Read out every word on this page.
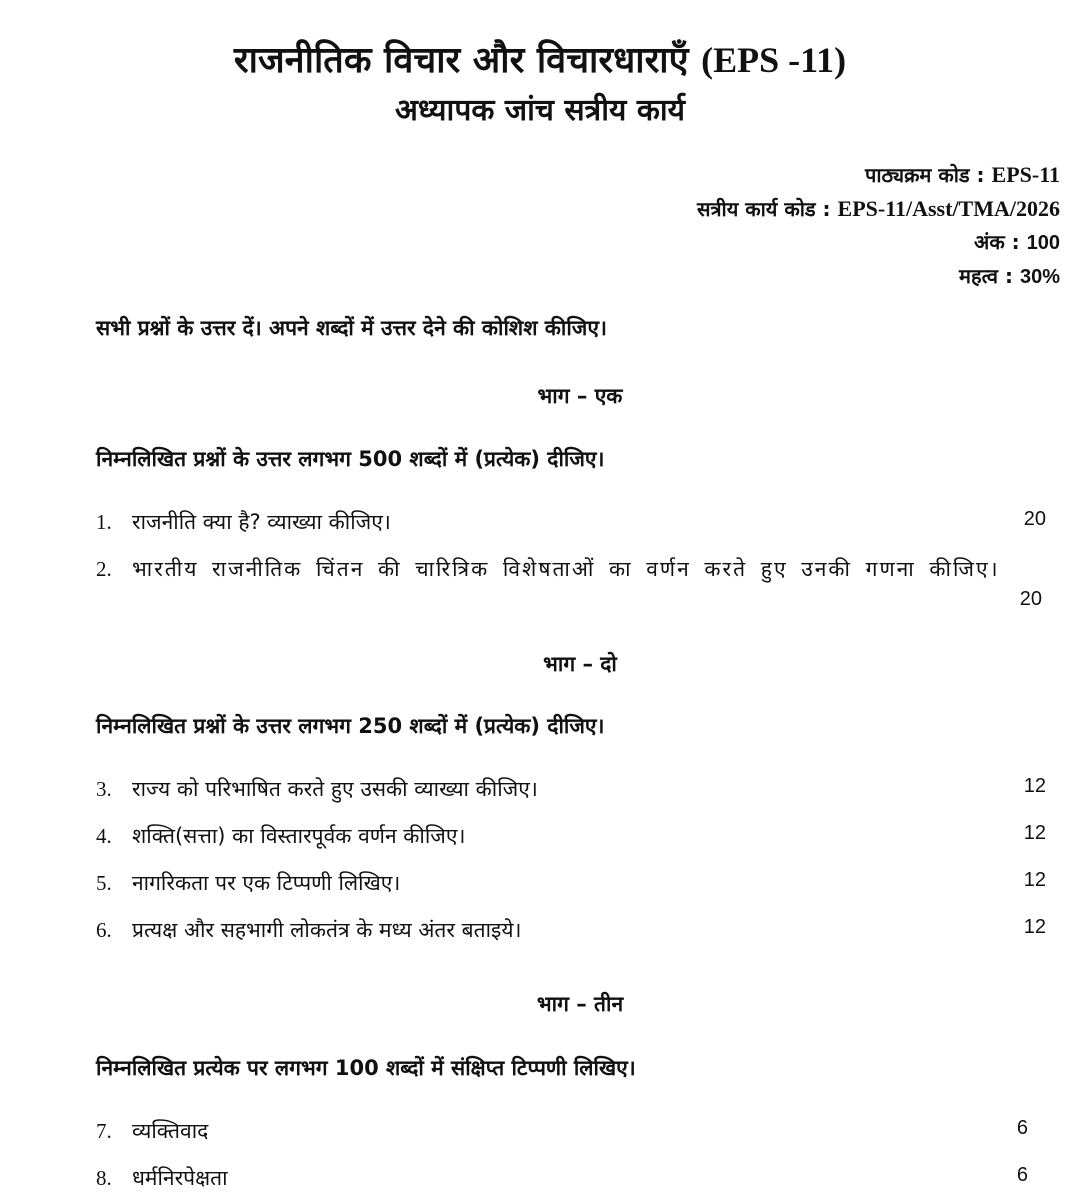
राजनीतिक विचार और विचारधाराएँ (EPS -11)
अध्यापक जांच सत्रीय कार्य
पाठ्यक्रम कोड : EPS-11
सत्रीय कार्य कोड : EPS-11/Asst/TMA/2026
अंक : 100
महत्व : 30%
सभी प्रश्नों के उत्तर दें। अपने शब्दों में उत्तर देने की कोशिश कीजिए।
भाग – एक
निम्नलिखित प्रश्नों के उत्तर लगभग 500 शब्दों में (प्रत्येक) दीजिए।
1. राजनीति क्या है? व्याख्या कीजिए।	20
2. भारतीय राजनीतिक चिंतन की चारित्रिक विशेषताओं का वर्णन करते हुए उनकी गणना कीजिए।
20
भाग – दो
निम्नलिखित प्रश्नों के उत्तर लगभग 250 शब्दों में (प्रत्येक) दीजिए।
3. राज्य को परिभाषित करते हुए उसकी व्याख्या कीजिए।	12
4. शक्ति(सत्ता) का विस्तारपूर्वक वर्णन कीजिए।	12
5. नागरिकता पर एक टिप्पणी लिखिए।	12
6. प्रत्यक्ष और सहभागी लोकतंत्र के मध्य अंतर बताइये।	12
भाग – तीन
निम्नलिखित प्रत्येक पर लगभग 100 शब्दों में संक्षिप्त टिप्पणी लिखिए।
7. व्यक्तिवाद	6
8. धर्मनिरपेक्षता	6
